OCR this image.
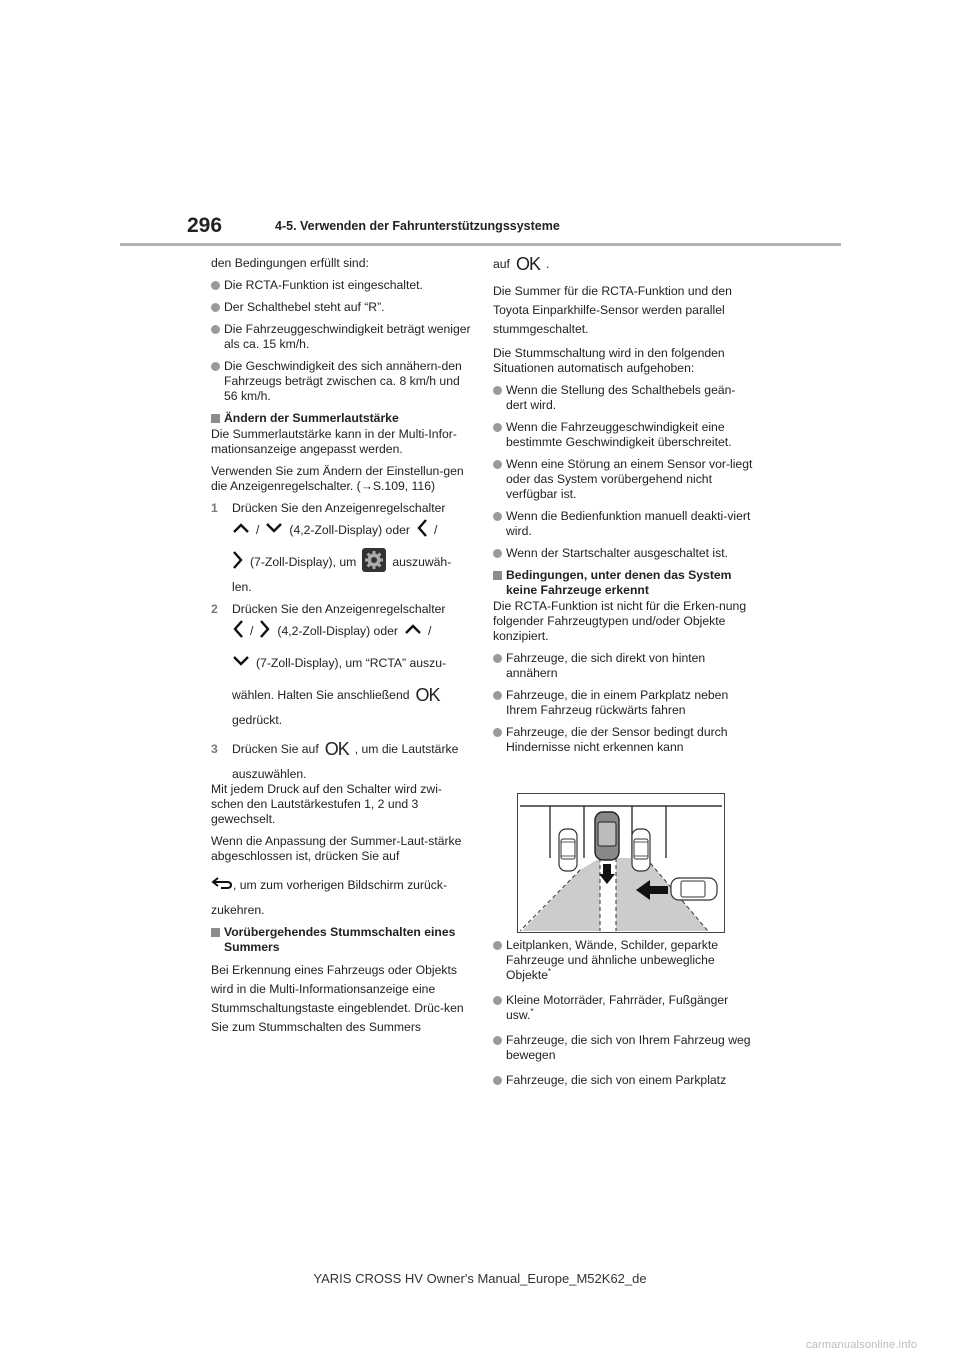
296	4-5. Verwenden der Fahrunterstützungssysteme

den Bedingungen erfüllt sind:

Die RCTA-Funktion ist eingeschaltet.
Der Schalthebel steht auf “R”.
Die Fahrzeuggeschwindigkeit beträgt weniger als ca. 15 km/h.
Die Geschwindigkeit des sich annähern-den Fahrzeugs beträgt zwischen ca. 8 km/h und 56 km/h.
Ändern der Summerlautstärke

Die Summerlautstärke kann in der Multi-Infor-mationsanzeige angepasst werden.

Verwenden Sie zum Ändern der Einstellun-gen die Anzeigenregelschalter. (→S.109, 116)

1 Drücken Sie den Anzeigenregelschalter
/ (4,2-Zoll-Display) oder /
(7-Zoll-Display), um	auszuwäh-

len.

2 Drücken Sie den Anzeigenregelschalter
/ (4,2-Zoll-Display) oder /
(7-Zoll-Display), um “RCTA” auszu-
wählen. Halten Sie anschließend OK

gedrückt.

3 Drücken Sie auf OK , um die Lautstärke

auszuwählen.

Mit jedem Druck auf den Schalter wird zwi-schen den Lautstärkestufen 1, 2 und 3 gewechselt.

Wenn die Anpassung der Summer-Laut-stärke abgeschlossen ist, drücken Sie auf

, um zum vorherigen Bildschirm zurück-

zukehren.

Vorübergehendes Stummschalten eines Summers

Bei Erkennung eines Fahrzeugs oder Objekts wird in die Multi-Informationsanzeige eine Stummschaltungstaste eingeblendet. Drüc-ken Sie zum Stummschalten des Summers

auf OK .

Die Summer für die RCTA-Funktion und den Toyota Einparkhilfe-Sensor werden parallel stummgeschaltet.

Die Stummschaltung wird in den folgenden Situationen automatisch aufgehoben:

Wenn die Stellung des Schalthebels geän-dert wird.
Wenn die Fahrzeuggeschwindigkeit eine bestimmte Geschwindigkeit überschreitet.
Wenn eine Störung an einem Sensor vor-liegt oder das System vorübergehend nicht verfügbar ist.
Wenn die Bedienfunktion manuell deakti-viert wird.
Wenn der Startschalter ausgeschaltet ist.
Bedingungen, unter denen das System keine Fahrzeuge erkennt

Die RCTA-Funktion ist nicht für die Erken-nung folgender Fahrzeugtypen und/oder Objekte konzipiert.

Fahrzeuge, die sich direkt von hinten annähern
Fahrzeuge, die in einem Parkplatz neben Ihrem Fahrzeug rückwärts fahren
Fahrzeuge, die der Sensor bedingt durch Hindernisse nicht erkennen kann
Leitplanken, Wände, Schilder, geparkte Fahrzeuge und ähnliche unbewegliche Objekte*
Kleine Motorräder, Fahrräder, Fußgänger usw.*
Fahrzeuge, die sich von Ihrem Fahrzeug weg bewegen
Fahrzeuge, die sich von einem Parkplatz
YARIS CROSS HV Owner's Manual_Europe_M52K62_de
carmanualsonline.info
